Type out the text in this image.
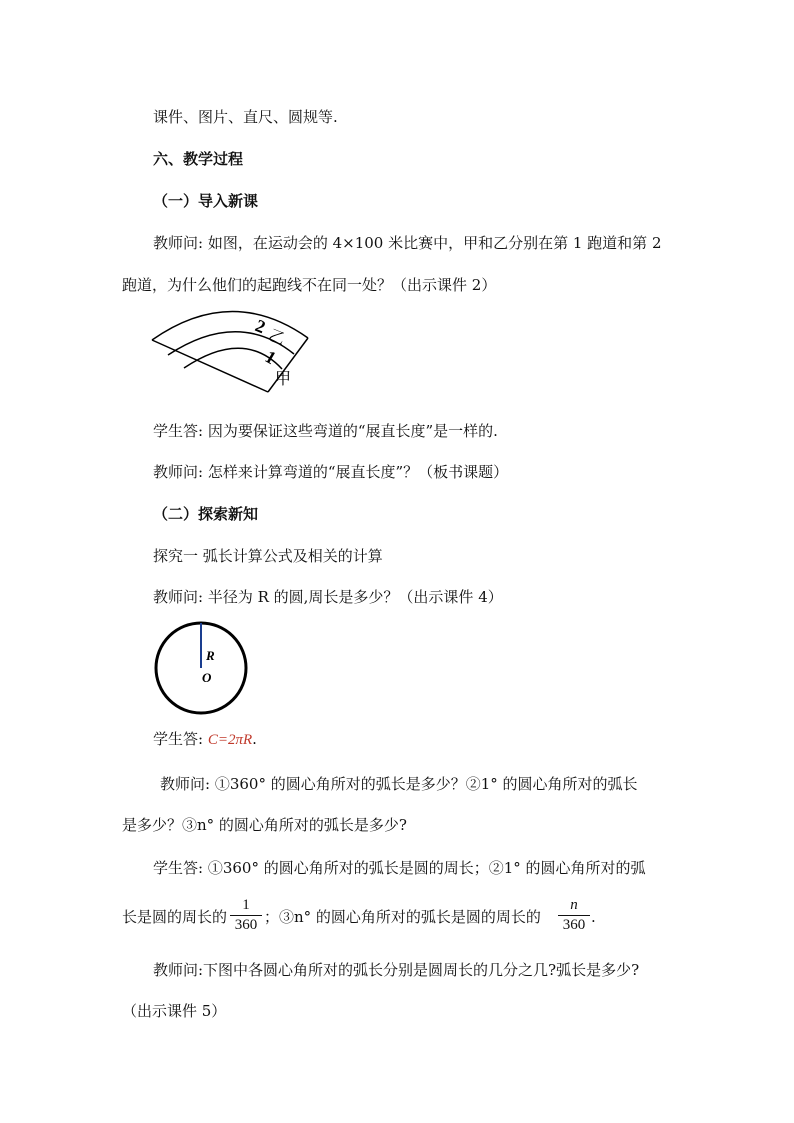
课件、图片、直尺、圆规等.
六、教学过程
（一）导入新课
教师问: 如图，在运动会的 4×100 米比赛中，甲和乙分别在第 1 跑道和第 2
跑道，为什么他们的起跑线不在同一处？（出示课件 2）
2
乙
1
甲
学生答: 因为要保证这些弯道的“展直长度”是一样的.
教师问: 怎样来计算弯道的“展直长度”？（板书课题）
（二）探索新知
探究一 弧长计算公式及相关的计算
教师问: 半径为 R 的圆,周长是多少？（出示课件 4）
R
O
学生答: C=2πR.
教师问: ①360° 的圆心角所对的弧长是多少？②1° 的圆心角所对的弧长
是多少？③n° 的圆心角所对的弧长是多少?
学生答: ①360° 的圆心角所对的弧长是圆的周长；②1° 的圆心角所对的弧
长是圆的周长的
1
360 ；③n° 的圆心角所对的弧长是圆的周长的
n
360 .
教师问:下图中各圆心角所对的弧长分别是圆周长的几分之几?弧长是多少?
（出示课件 5）
